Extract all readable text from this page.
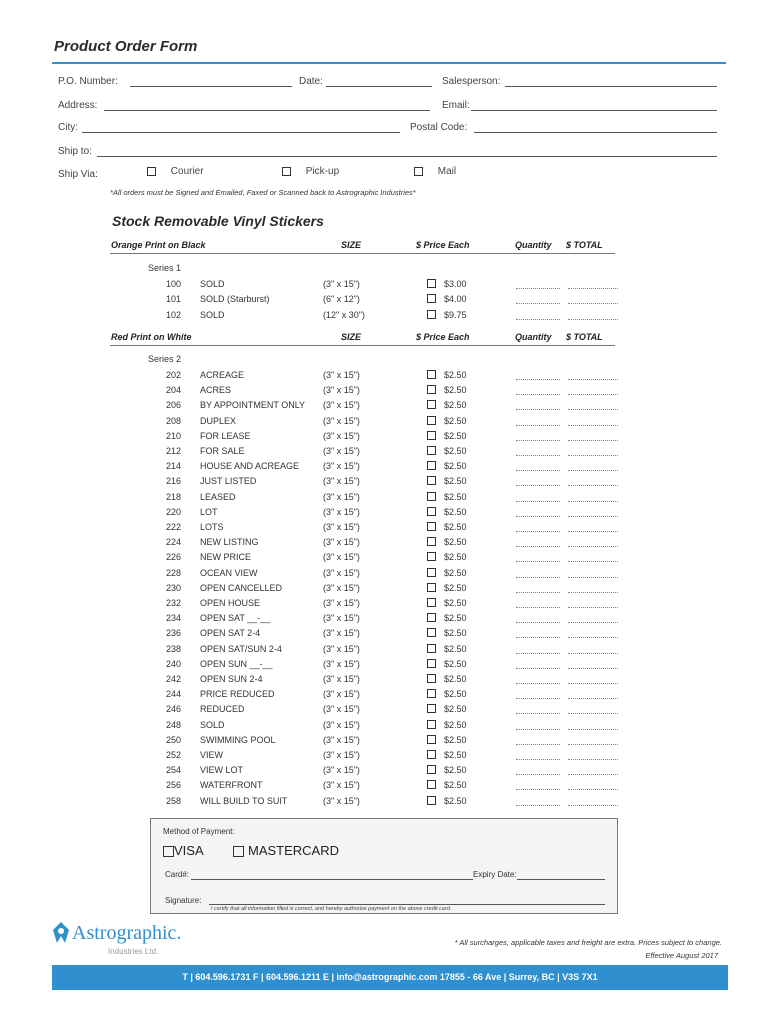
Product Order Form
P.O. Number:	Date:	Salesperson:
Address:	Email:
City:	Postal Code:
Ship to:
Ship Via:	Courier	Pick-up	Mail
*All orders must be Signed and Emailed, Faxed or Scanned back to Astrographic Industries*
Stock Removable Vinyl Stickers
Orange Print on Black	SIZE	$ Price Each	Quantity $ TOTAL
Series 1
100 SOLD	(3" x 15")	$3.00
101 SOLD (Starburst)	(6" x 12")	$4.00
102 SOLD	(12" x 30")	$9.75
Red Print on White	SIZE	$ Price Each	Quantity $ TOTAL
Series 2
202 ACREAGE	(3" x 15")	$2.50
204 ACRES	(3" x 15")	$2.50
206 BY APPOINTMENT ONLY (3" x 15")	$2.50
208 DUPLEX	(3" x 15")	$2.50
210 FOR LEASE	(3" x 15")	$2.50
212 FOR SALE	(3" x 15")	$2.50
214 HOUSE AND ACREAGE	(3" x 15")	$2.50
216 JUST LISTED	(3" x 15")	$2.50
218 LEASED	(3" x 15")	$2.50
220 LOT	(3" x 15")	$2.50
222 LOTS	(3" x 15")	$2.50
224 NEW LISTING	(3" x 15")	$2.50
226 NEW PRICE	(3" x 15")	$2.50
228 OCEAN VIEW	(3" x 15")	$2.50
230 OPEN CANCELLED	(3" x 15")	$2.50
232 OPEN HOUSE	(3" x 15")	$2.50
234 OPEN SAT __-__	(3" x 15")	$2.50
236 OPEN SAT 2-4	(3" x 15")	$2.50
238 OPEN SAT/SUN 2-4	(3" x 15")	$2.50
240 OPEN SUN __-__	(3" x 15")	$2.50
242 OPEN SUN 2-4	(3" x 15")	$2.50
244 PRICE REDUCED	(3" x 15")	$2.50
246 REDUCED	(3" x 15")	$2.50
248 SOLD	(3" x 15")	$2.50
250 SWIMMING POOL	(3" x 15")	$2.50
252 VIEW	(3" x 15")	$2.50
254 VIEW LOT	(3" x 15")	$2.50
256 WATERFRONT	(3" x 15")	$2.50
258 WILL BUILD TO SUIT	(3" x 15")	$2.50
Method of Payment:
VISA	MASTERCARD
Card#:	Expiry Date:
Signature:
I certify that all information filled is correct, and hereby authorize payment on the above credit card.
Astrographic.
Industries Ltd.
* All surcharges, applicable taxes and freight are extra. Prices subject to change.
Effective August 2017
T | 604.596.1731 F | 604.596.1211 E | info@astrographic.com 17855 - 66 Ave | Surrey, BC | V3S 7X1
